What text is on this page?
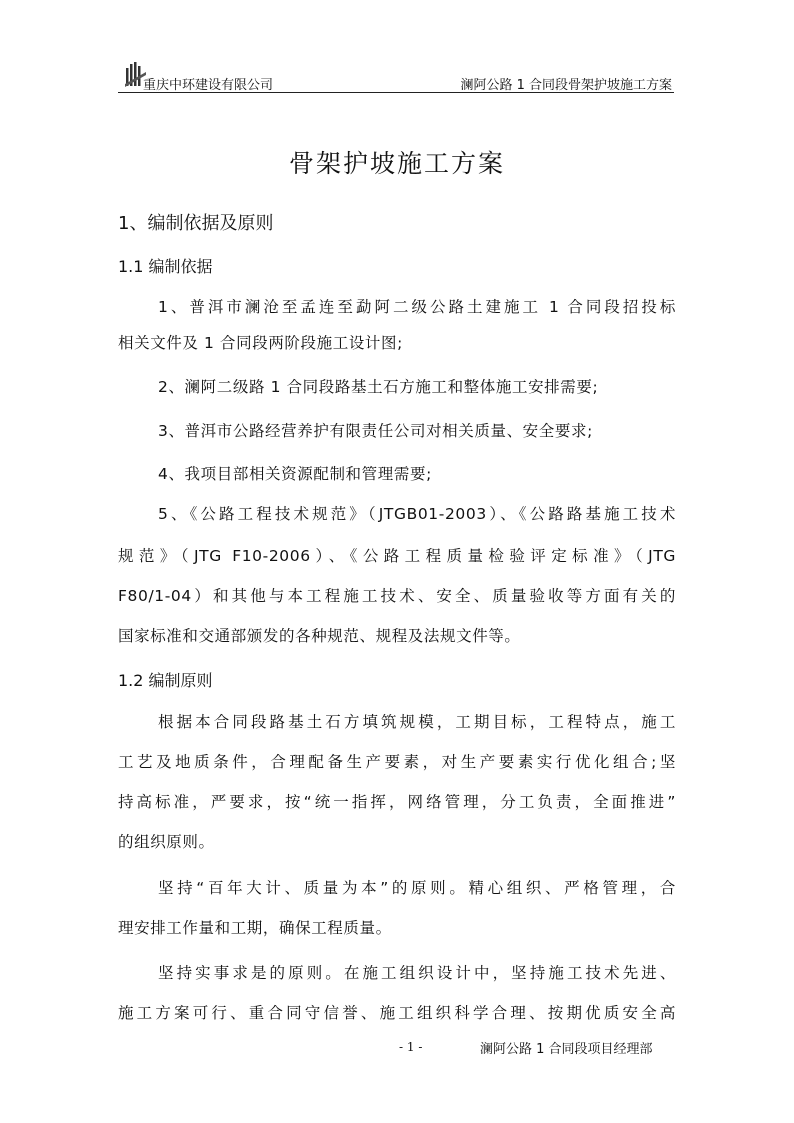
重庆中环建设有限公司	澜阿公路 1 合同段骨架护坡施工方案
骨架护坡施工方案
1、编制依据及原则
1.1 编制依据
1、普洱市澜沧至孟连至勐阿二级公路土建施工 1 合同段招投标
相关文件及 1 合同段两阶段施工设计图;
2、澜阿二级路 1 合同段路基土石方施工和整体施工安排需要;
3、普洱市公路经营养护有限责任公司对相关质量、安全要求;
4、我项目部相关资源配制和管理需要;
5、《公路工程技术规范》（JTGB01-2003）、《公路路基施工技术
规范》（JTG F10-2006）、《公路工程质量检验评定标准》（JTG
F80/1-04）和其他与本工程施工技术、安全、质量验收等方面有关的
国家标准和交通部颁发的各种规范、规程及法规文件等。
1.2 编制原则
根据本合同段路基土石方填筑规模，工期目标，工程特点，施工
工艺及地质条件，合理配备生产要素，对生产要素实行优化组合;坚
持高标准，严要求，按“统一指挥，网络管理，分工负责，全面推进”
的组织原则。
坚持“百年大计、质量为本”的原则。精心组织、严格管理，合
理安排工作量和工期，确保工程质量。
坚持实事求是的原则。在施工组织设计中，坚持施工技术先进、
施工方案可行、重合同守信誉、施工组织科学合理、按期优质安全高
- 1 -	澜阿公路 1 合同段项目经理部
